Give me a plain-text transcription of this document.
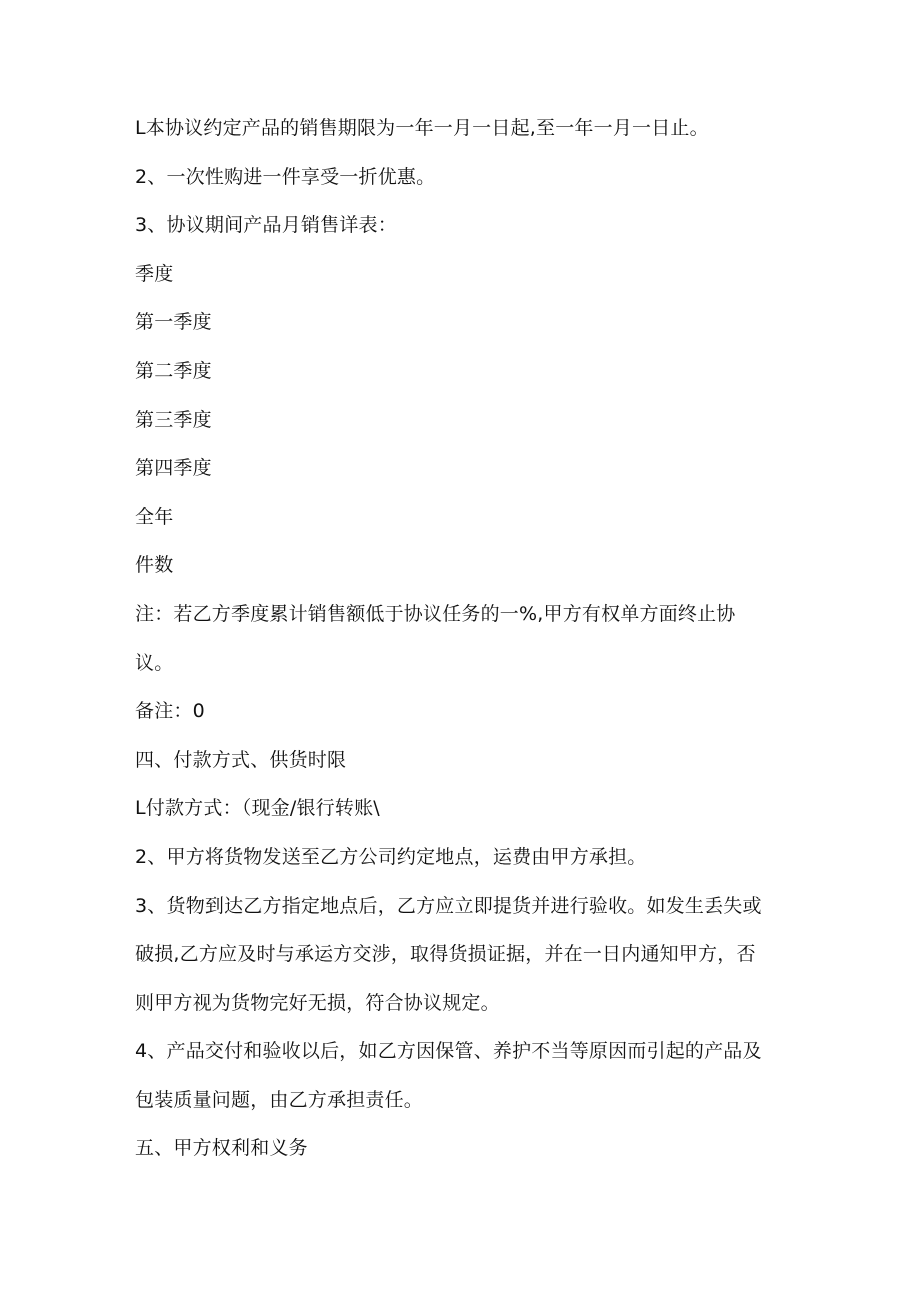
L本协议约定产品的销售期限为一年一月一日起,至一年一月一日止。

2、一次性购进一件享受一折优惠。

3、协议期间产品月销售详表：

季度

第一季度

第二季度

第三季度

第四季度

全年

件数

注：若乙方季度累计销售额低于协议任务的一%,甲方有权单方面终止协

议。

备注：0

四、付款方式、供货时限

L付款方式：（现金/银行转账\

2、甲方将货物发送至乙方公司约定地点，运费由甲方承担。

3、货物到达乙方指定地点后，乙方应立即提货并进行验收。如发生丢失或

破损,乙方应及时与承运方交涉，取得货损证据，并在一日内通知甲方，否

则甲方视为货物完好无损，符合协议规定。

4、产品交付和验收以后，如乙方因保管、养护不当等原因而引起的产品及

包装质量问题，由乙方承担责任。

五、甲方权利和义务
